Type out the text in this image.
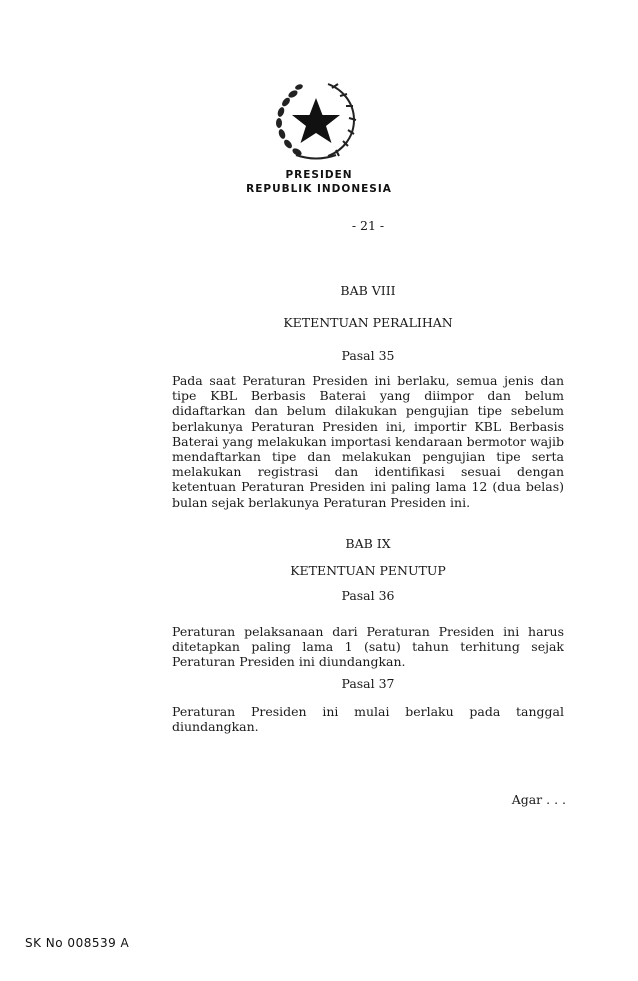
PRESIDEN
REPUBLIK INDONESIA
- 21 -
BAB VIII
KETENTUAN PERALIHAN
Pasal 35
Pada saat Peraturan Presiden ini berlaku, semua jenis dan
tipe KBL Berbasis Baterai yang diimpor dan belum
didaftarkan dan belum dilakukan pengujian tipe sebelum
berlakunya Peraturan Presiden ini, importir KBL Berbasis
Baterai yang melakukan importasi kendaraan bermotor wajib
mendaftarkan tipe dan melakukan pengujian tipe serta
melakukan registrasi dan identifikasi sesuai dengan
ketentuan Peraturan Presiden ini paling lama 12 (dua belas)
bulan sejak berlakunya Peraturan Presiden ini.
BAB IX
KETENTUAN PENUTUP
Pasal 36
Peraturan pelaksanaan dari Peraturan Presiden ini harus
ditetapkan paling lama 1 (satu) tahun terhitung sejak
Peraturan Presiden ini diundangkan.
Pasal 37
Peraturan Presiden ini mulai berlaku pada tanggal
diundangkan.
Agar . . .
SK No 008539 A
